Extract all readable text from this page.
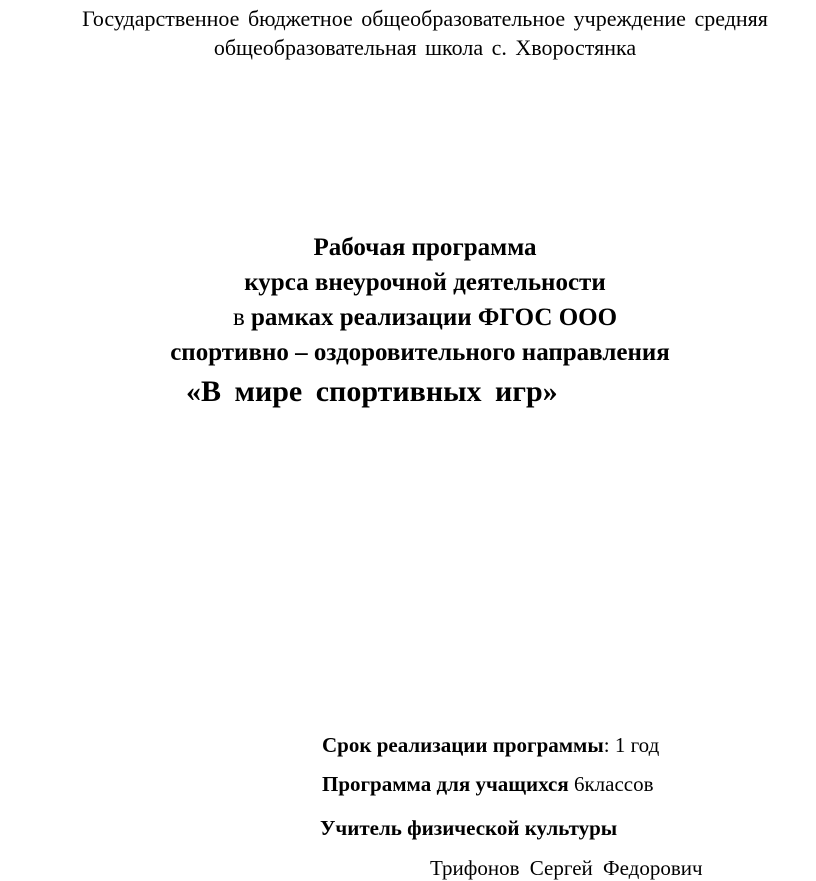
Государственное бюджетное общеобразовательное учреждение средняя
общеобразовательная школа с. Хворостянка
Рабочая программа
курса внеурочной деятельности
в рамках реализации ФГОС ООО
спортивно – оздоровительного направления
«В мире спортивных игр»
Срок реализации программы: 1 год
Программа для учащихся 6классов
Учитель физической культуры
Трифонов Сергей Федорович
